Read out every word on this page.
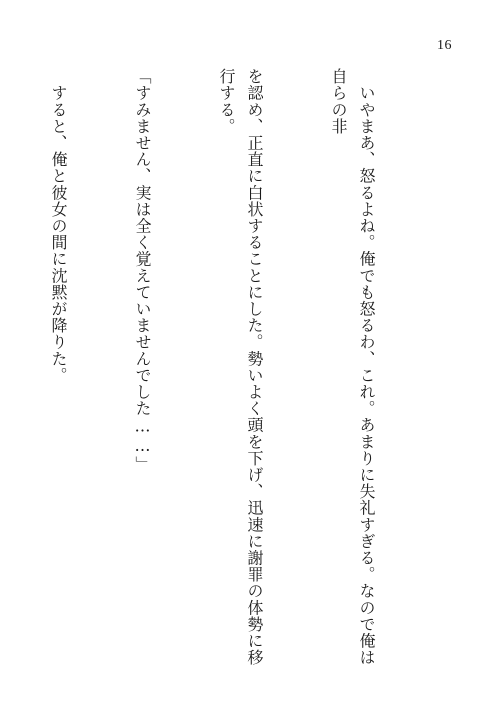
16

　いやまあ、怒るよね。俺でも怒るわ、これ。あまりに失礼すぎる。なので俺は自らの非

を認め、正直に白状することにした。勢いよく頭を下げ、迅速に謝罪の体勢に移行する。

「すみません、実は全く覚えていませんでした……」

　すると、俺と彼女の間に沈黙が降りた。
